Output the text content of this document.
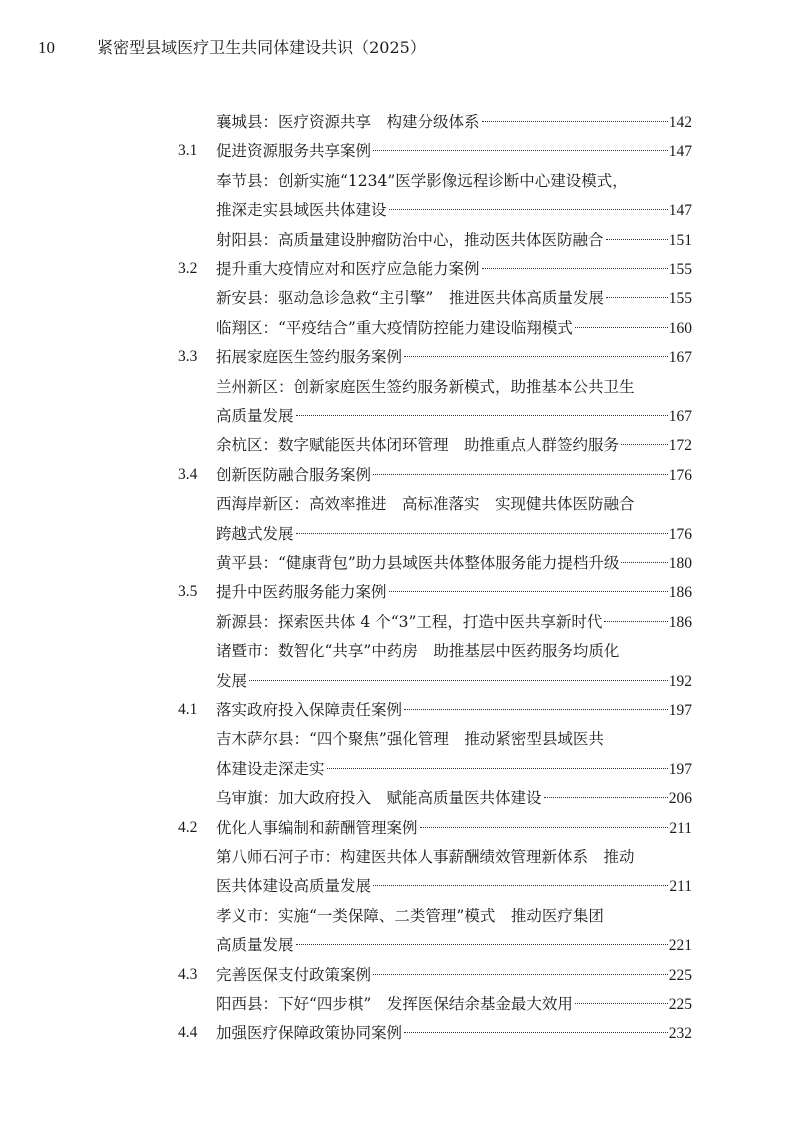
10	紧密型县域医疗卫生共同体建设共识（2025）
襄城县：医疗资源共享　构建分级体系	142
3.1 促进资源服务共享案例	147
奉节县：创新实施“1234”医学影像远程诊断中心建设模式，
推深走实县域医共体建设	147
射阳县：高质量建设肿瘤防治中心，推动医共体医防融合	151
3.2 提升重大疫情应对和医疗应急能力案例	155
新安县：驱动急诊急救“主引擎”　推进医共体高质量发展	155
临翔区：“平疫结合”重大疫情防控能力建设临翔模式	160
3.3 拓展家庭医生签约服务案例	167
兰州新区：创新家庭医生签约服务新模式，助推基本公共卫生
高质量发展	167
余杭区：数字赋能医共体闭环管理　助推重点人群签约服务	172
3.4 创新医防融合服务案例	176
西海岸新区：高效率推进　高标准落实　实现健共体医防融合
跨越式发展	176
黄平县：“健康背包”助力县域医共体整体服务能力提档升级	180
3.5 提升中医药服务能力案例	186
新源县：探索医共体 4 个“3”工程，打造中医共享新时代	186
诸暨市：数智化“共享”中药房　助推基层中医药服务均质化
发展	192
4.1 落实政府投入保障责任案例	197
吉木萨尔县：“四个聚焦”强化管理　推动紧密型县域医共
体建设走深走实	197
乌审旗：加大政府投入　赋能高质量医共体建设	206
4.2 优化人事编制和薪酬管理案例	211
第八师石河子市：构建医共体人事薪酬绩效管理新体系　推动
医共体建设高质量发展	211
孝义市：实施“一类保障、二类管理”模式　推动医疗集团
高质量发展	221
4.3 完善医保支付政策案例	225
阳西县：下好“四步棋”　发挥医保结余基金最大效用	225
4.4 加强医疗保障政策协同案例	232
